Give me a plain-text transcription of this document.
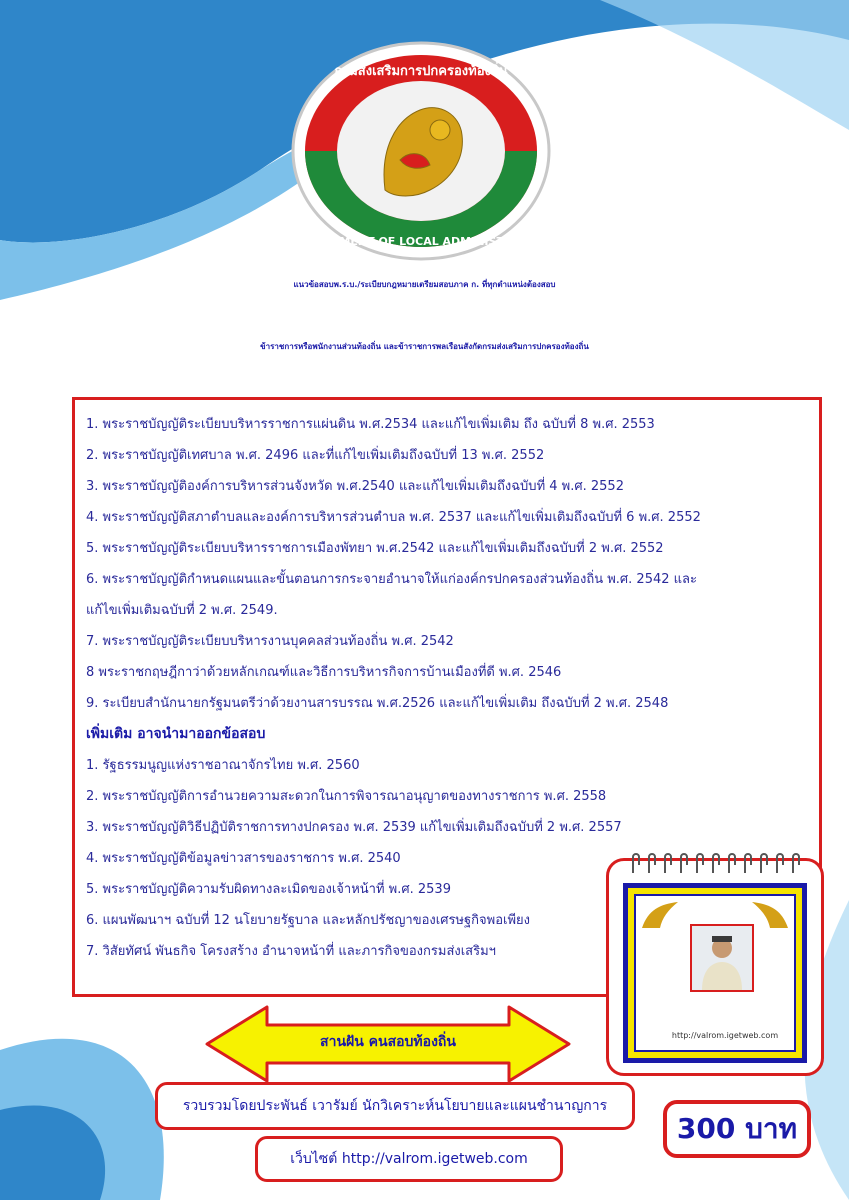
กรมส่งเสริมการปกครองท้องถิ่น
DEPARTMENT OF LOCAL ADMINISTRATION
แนวข้อสอบพ.ร.บ./ระเบียบกฎหมายเตรียมสอบภาค ก. ที่ทุกตำแหน่งต้องสอบ
ข้าราชการหรือพนักงานส่วนท้องถิ่น และข้าราชการพลเรือนสังกัดกรมส่งเสริมการปกครองท้องถิ่น
1. พระราชบัญญัติระเบียบบริหารราชการแผ่นดิน พ.ศ.2534 และแก้ไขเพิ่มเติม ถึง ฉบับที่ 8 พ.ศ. 2553
2. พระราชบัญญัติเทศบาล พ.ศ. 2496 และที่แก้ไขเพิ่มเติมถึงฉบับที่ 13 พ.ศ. 2552
3. พระราชบัญญัติองค์การบริหารส่วนจังหวัด พ.ศ.2540 และแก้ไขเพิ่มเติมถึงฉบับที่ 4 พ.ศ. 2552
4. พระราชบัญญัติสภาตำบลและองค์การบริหารส่วนตำบล พ.ศ. 2537 และแก้ไขเพิ่มเติมถึงฉบับที่ 6 พ.ศ. 2552
5. พระราชบัญญัติระเบียบบริหารราชการเมืองพัทยา พ.ศ.2542 และแก้ไขเพิ่มเติมถึงฉบับที่ 2 พ.ศ. 2552
6. พระราชบัญญัติกำหนดแผนและขั้นตอนการกระจายอำนาจให้แก่องค์กรปกครองส่วนท้องถิ่น พ.ศ. 2542 และ
แก้ไขเพิ่มเติมฉบับที่ 2 พ.ศ. 2549.
7. พระราชบัญญัติระเบียบบริหารงานบุคคลส่วนท้องถิ่น พ.ศ. 2542
8 พระราชกฤษฎีกาว่าด้วยหลักเกณฑ์และวิธีการบริหารกิจการบ้านเมืองที่ดี พ.ศ. 2546
9. ระเบียบสำนักนายกรัฐมนตรีว่าด้วยงานสารบรรณ พ.ศ.2526 และแก้ไขเพิ่มเติม ถึงฉบับที่ 2 พ.ศ. 2548
เพิ่มเติม อาจนำมาออกข้อสอบ
1. รัฐธรรมนูญแห่งราชอาณาจักรไทย พ.ศ. 2560
2. พระราชบัญญัติการอำนวยความสะดวกในการพิจารณาอนุญาตของทางราชการ พ.ศ. 2558
3. พระราชบัญญัติวิธีปฏิบัติราชการทางปกครอง พ.ศ. 2539 แก้ไขเพิ่มเติมถึงฉบับที่ 2 พ.ศ. 2557
4. พระราชบัญญัติข้อมูลข่าวสารของราชการ พ.ศ. 2540
5. พระราชบัญญัติความรับผิดทางละเมิดของเจ้าหน้าที่ พ.ศ. 2539
6. แผนพัฒนาฯ ฉบับที่ 12 นโยบายรัฐบาล และหลักปรัชญาของเศรษฐกิจพอเพียง
7. วิสัยทัศน์ พันธกิจ โครงสร้าง อำนาจหน้าที่ และภารกิจของกรมส่งเสริมฯ
http://valrom.igetweb.com
สานฝัน คนสอบท้องถิ่น
รวบรวมโดยประพันธ์ เวารัมย์ นักวิเคราะห์นโยบายและแผนชำนาญการ
เว็บไซต์ http://valrom.igetweb.com
300 บาท
